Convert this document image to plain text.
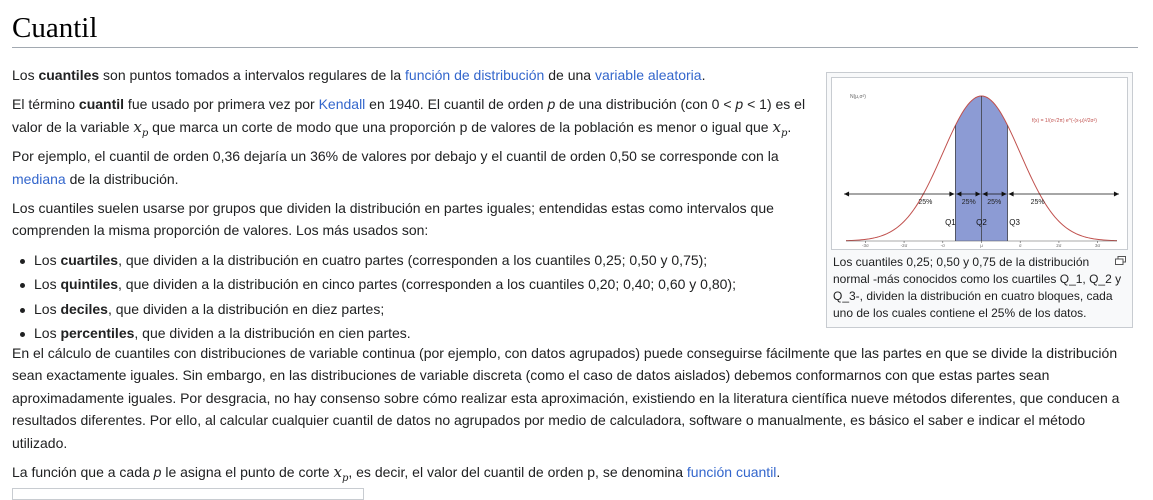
Cuantil

Los cuantiles son puntos tomados a intervalos regulares de la función de distribución de una variable aleatoria.

El término cuantil fue usado por primera vez por Kendall en 1940. El cuantil de orden p de una distribución (con 0 < p < 1) es el valor de la variable $x_p$ que marca un corte de modo que una proporción p de valores de la población es menor o igual que $x_p$. Por ejemplo, el cuantil de orden 0,36 dejaría un 36% de valores por debajo y el cuantil de orden 0,50 se corresponde con la mediana de la distribución.

Los cuantiles suelen usarse por grupos que dividen la distribución en partes iguales; entendidas estas como intervalos que comprenden la misma proporción de valores. Los más usados son:

Los cuartiles, que dividen a la distribución en cuatro partes (corresponden a los cuantiles 0,25; 0,50 y 0,75);
Los quintiles, que dividen a la distribución en cinco partes (corresponden a los cuantiles 0,20; 0,40; 0,60 y 0,80);
Los deciles, que dividen a la distribución en diez partes;
Los percentiles, que dividen a la distribución en cien partes.

En el cálculo de cuantiles con distribuciones de variable continua (por ejemplo, con datos agrupados) puede conseguirse fácilmente que las partes en que se divide la distribución sean exactamente iguales. Sin embargo, en las distribuciones de variable discreta (como el caso de datos aislados) debemos conformarnos con que estas partes sean aproximadamente iguales. Por desgracia, no hay consenso sobre cómo realizar esta aproximación, existiendo en la literatura científica nueve métodos diferentes, que conducen a resultados diferentes. Por ello, al calcular cualquier cuantil de datos no agrupados por medio de calculadora, software o manualmente, es básico el saber e indicar el método utilizado.

La función que a cada p le asigna el punto de corte $x_p$, es decir, el valor del cuantil de orden p, se denomina función cuantil.

-3σ	-2σ	-σ	μ	σ	2σ	3σ
25%	25% 25%	25%
Q1	Q2	Q3
N(μ,σ²)
f(x) = 1/(σ√2π) e^(-(x-μ)²/2σ²)
Los cuantiles 0,25; 0,50 y 0,75 de la distribución normal -más conocidos como los cuartiles Q_1, Q_2 y Q_3-, dividen la distribución en cuatro bloques, cada uno de los cuales contiene el 25% de los datos.
